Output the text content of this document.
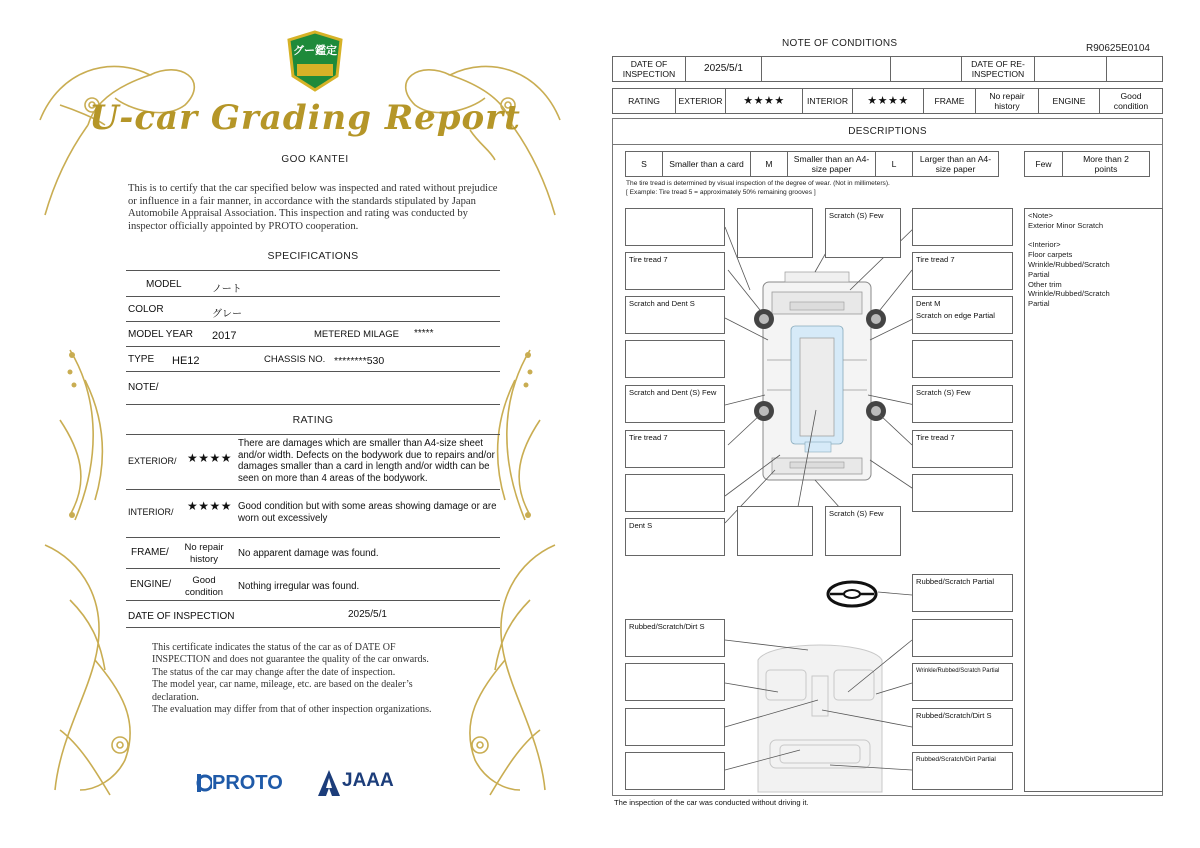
グー鑑定
U-car Grading Report
GOO KANTEI
This is to certify that the car specified below was inspected and rated without prejudice or influence in a fair manner, in accordance with the standards stipulated by Japan Automobile Appraisal Association. This inspection and rating was conducted by inspector officially appointed by PROTO cooperation.
SPECIFICATIONS
MODEL	ノート
COLOR	グレー
MODEL YEAR 2017	METERED MILAGE *****
TYPE HE12	CHASSIS NO. ********530
NOTE/
RATING
EXTERIOR/ ★★★★
There are damages which are smaller than A4-size sheet and/or width. Defects on the bodywork due to repairs and/or damages smaller than a card in length and/or width can be seen on more than 4 areas of the bodywork.
INTERIOR/ ★★★★ Good condition but with some areas showing damage or are worn out excessively
FRAME/	No repair history	No apparent damage was found.
ENGINE/	Good condition	Nothing irregular was found.
DATE OF INSPECTION	2025/5/1
This certificate indicates the status of the car as of DATE OF
INSPECTION and does not guarantee the quality of the car onwards.
The status of the car may change after the date of inspection.
The model year, car name, mileage, etc. are based on the dealer’s
declaration.
The evaluation may differ from that of other inspection organizations.
PROTO	JAAA
NOTE OF CONDITIONS	R90625E0104
DATE OF INSPECTION	2025/5/1	DATE OF RE-INSPECTION
RATING	EXTERIOR	★★★★	INTERIOR	★★★★	FRAME	No repair history	ENGINE	Good condition
DESCRIPTIONS
S	Smaller than a card	M	Smaller than an A4-size paper	L	Larger than an A4-size paper	Few	More than 2 points
The tire tread is determined by visual inspection of the degree of wear. (Not in millimeters).
[ Example: Tire tread 5 = approximately 50% remaining grooves ]
Tire tread 7
Scratch and Dent S
Scratch and Dent (S) Few
Tire tread 7
Dent S
Rubbed/Scratch/Dirt S
Scratch (S) Few
Scratch (S) Few
Tire tread 7
Dent M
Scratch on edge Partial
Scratch (S) Few
Tire tread 7
Rubbed/Scratch Partial
Wrinkle/Rubbed/Scratch Partial
Rubbed/Scratch/Dirt S
Rubbed/Scratch/Dirt Partial
<Note>
Exterior Minor Scratch
<Interior>
Floor carpets
Wrinkle/Rubbed/Scratch
Partial
Other trim
Wrinkle/Rubbed/Scratch
Partial
The inspection of the car was conducted without driving it.
